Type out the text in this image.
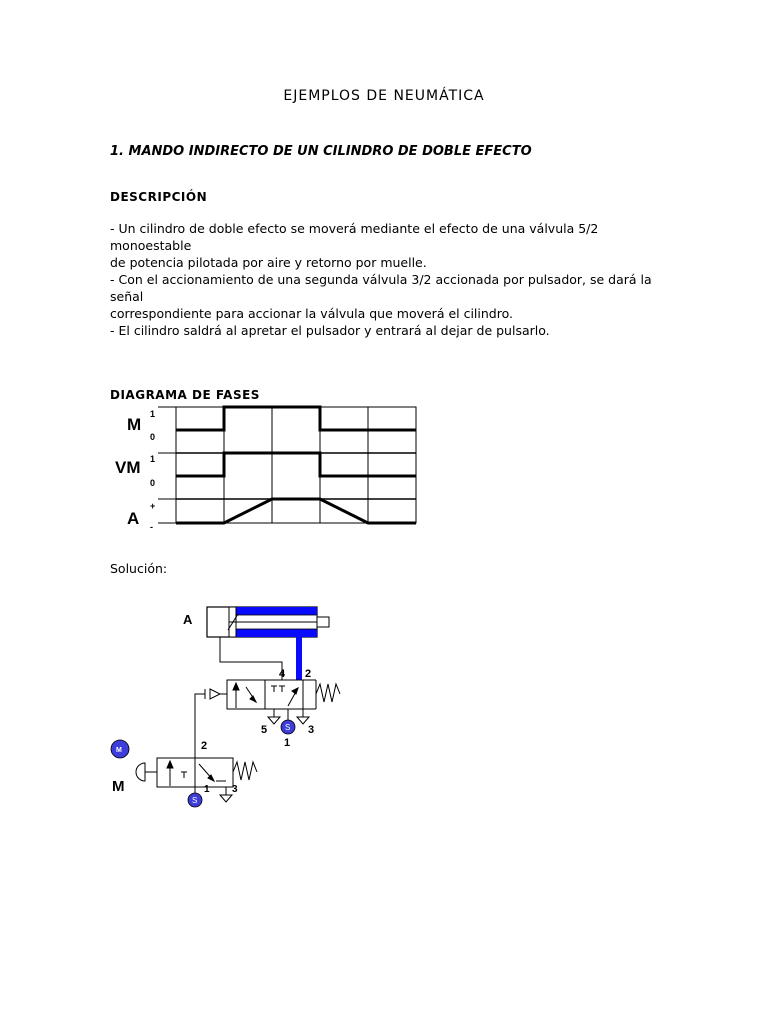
EJEMPLOS DE NEUMÁTICA
1. MANDO INDIRECTO DE UN CILINDRO DE DOBLE EFECTO
DESCRIPCIÓN
- Un cilindro de doble efecto se moverá mediante el efecto de una válvula 5/2 monoestable
de potencia pilotada por aire y retorno por muelle.
- Con el accionamiento de una segunda válvula 3/2 accionada por pulsador, se dará la señal
correspondiente para accionar la válvula que moverá el cilindro.
- El cilindro saldrá al apretar el pulsador y entrará al dejar de pulsarlo.
DIAGRAMA DE FASES
M
VM
A
1
0
1
0
+
-
Solución:
A
4 2
S
5
1
3
2
S
1 3
M
M
